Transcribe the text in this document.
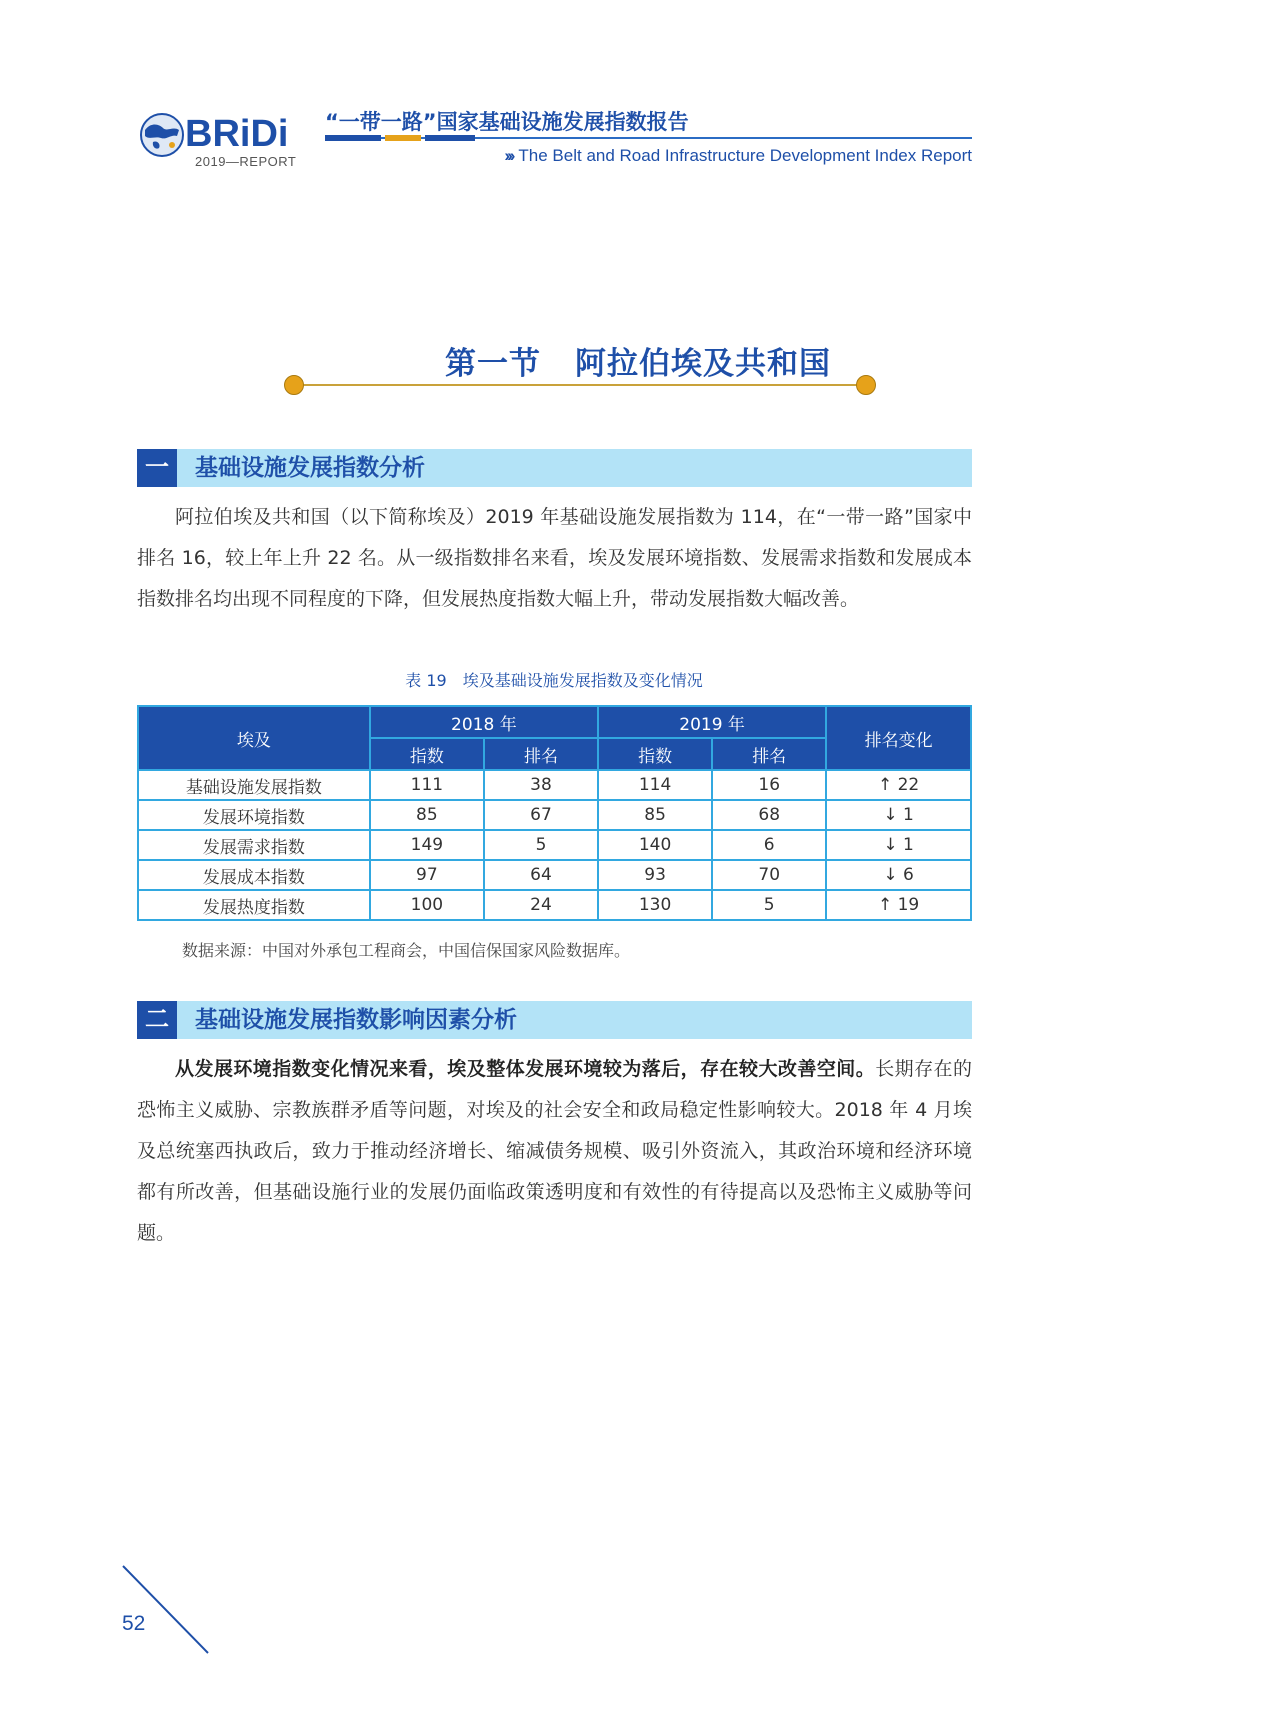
BRiDi
2019—REPORT
“一带一路”国家基础设施发展指数报告
››› The Belt and Road Infrastructure Development Index Report
第一节 阿拉伯埃及共和国
一	基础设施发展指数分析

阿拉伯埃及共和国（以下简称埃及）2019 年基础设施发展指数为 114，在“一带一路”国家中排名 16，较上年上升 22 名。从一级指数排名来看，埃及发展环境指数、发展需求指数和发展成本指数排名均出现不同程度的下降，但发展热度指数大幅上升，带动发展指数大幅改善。

表 19　埃及基础设施发展指数及变化情况
埃及	2018 年		2019 年		排名变化
	指数	排名	指数	排名	
基础设施发展指数	111	38	114	16	↑ 22
发展环境指数	85	67	85	68	↓ 1
发展需求指数	149	5	140	6	↓ 1
发展成本指数	97	64	93	70	↓ 6
发展热度指数	100	24	130	5	↑ 19
数据来源：中国对外承包工程商会，中国信保国家风险数据库。
二	基础设施发展指数影响因素分析

从发展环境指数变化情况来看，埃及整体发展环境较为落后，存在较大改善空间。长期存在的恐怖主义威胁、宗教族群矛盾等问题，对埃及的社会安全和政局稳定性影响较大。2018 年 4 月埃及总统塞西执政后，致力于推动经济增长、缩减债务规模、吸引外资流入，其政治环境和经济环境都有所改善，但基础设施行业的发展仍面临政策透明度和有效性的有待提高以及恐怖主义威胁等问题。

52
